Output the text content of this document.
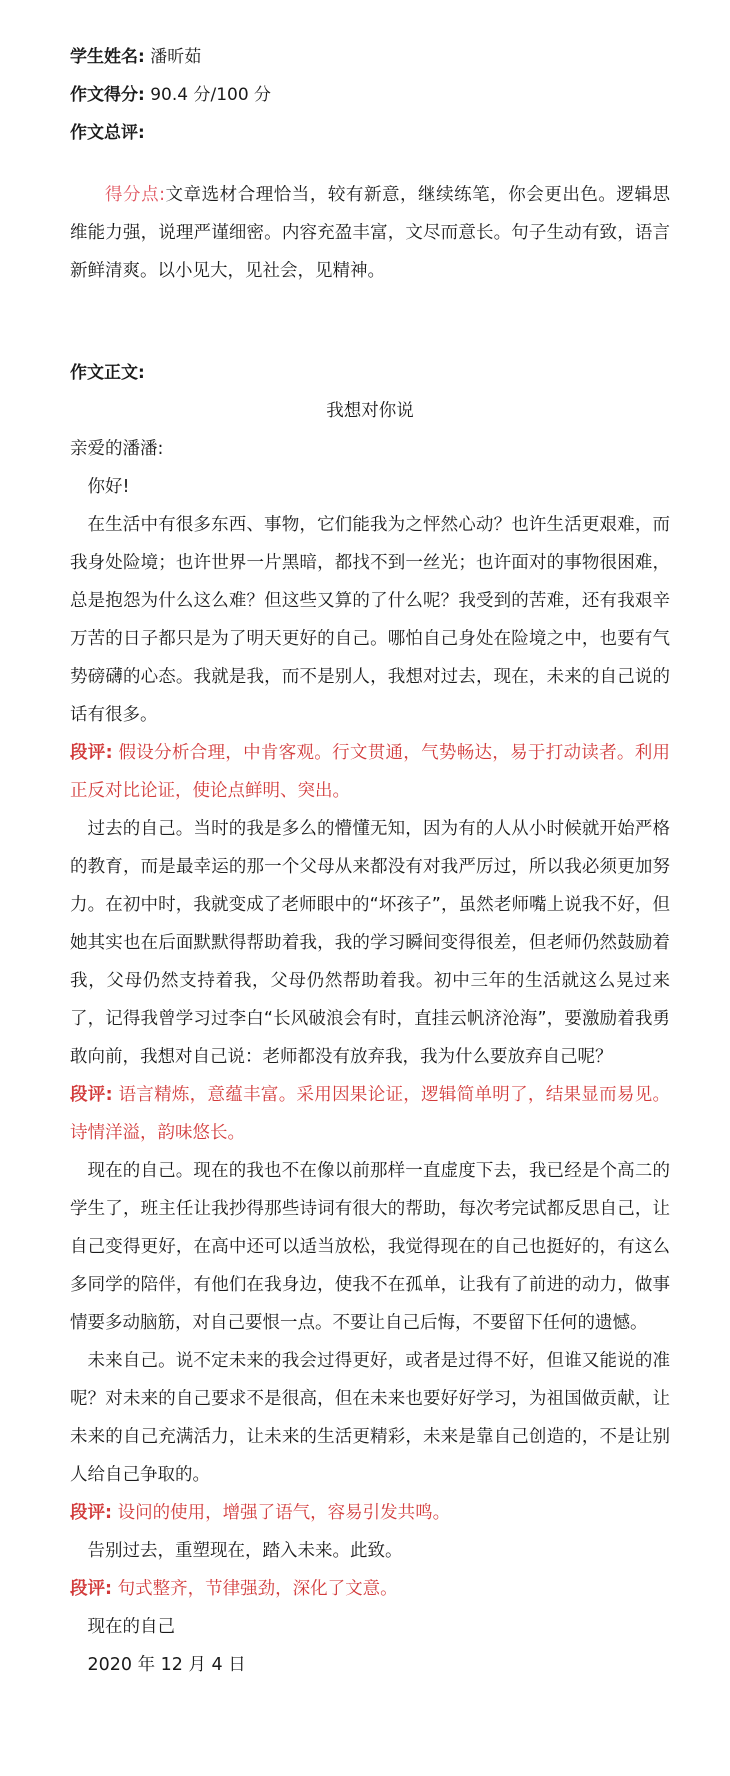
学生姓名: 潘昕茹
作文得分: 90.4 分/100 分
作文总评:

得分点:文章选材合理恰当，较有新意，继续练笔，你会更出色。逻辑思维能力强，说理严谨细密。内容充盈丰富，文尽而意长。句子生动有致，语言新鲜清爽。以小见大，见社会，见精神。

作文正文:
我想对你说

亲爱的潘潘:

你好!

在生活中有很多东西、事物，它们能我为之怦然心动？也许生活更艰难，而我身处险境；也许世界一片黑暗，都找不到一丝光；也许面对的事物很困难，总是抱怨为什么这么难？但这些又算的了什么呢？我受到的苦难，还有我艰辛万苦的日子都只是为了明天更好的自己。哪怕自己身处在险境之中，也要有气势磅礴的心态。我就是我，而不是别人，我想对过去，现在，未来的自己说的话有很多。

段评: 假设分析合理，中肯客观。行文贯通，气势畅达，易于打动读者。利用正反对比论证，使论点鲜明、突出。

过去的自己。当时的我是多么的懵懂无知，因为有的人从小时候就开始严格的教育，而是最幸运的那一个父母从来都没有对我严厉过，所以我必须更加努力。在初中时，我就变成了老师眼中的“坏孩子”，虽然老师嘴上说我不好，但她其实也在后面默默得帮助着我，我的学习瞬间变得很差，但老师仍然鼓励着我，父母仍然支持着我，父母仍然帮助着我。初中三年的生活就这么晃过来了，记得我曾学习过李白“长风破浪会有时，直挂云帆济沧海”，要激励着我勇敢向前，我想对自己说：老师都没有放弃我，我为什么要放弃自己呢？

段评: 语言精炼，意蕴丰富。采用因果论证，逻辑简单明了，结果显而易见。诗情洋溢，韵味悠长。

现在的自己。现在的我也不在像以前那样一直虚度下去，我已经是个高二的学生了，班主任让我抄得那些诗词有很大的帮助，每次考完试都反思自己，让自己变得更好，在高中还可以适当放松，我觉得现在的自己也挺好的，有这么多同学的陪伴，有他们在我身边，使我不在孤单，让我有了前进的动力，做事情要多动脑筋，对自己要恨一点。不要让自己后悔，不要留下任何的遗憾。

未来自己。说不定未来的我会过得更好，或者是过得不好，但谁又能说的准呢？对未来的自己要求不是很高，但在未来也要好好学习，为祖国做贡献，让未来的自己充满活力，让未来的生活更精彩，未来是靠自己创造的，不是让别人给自己争取的。

段评: 设问的使用，增强了语气，容易引发共鸣。

告别过去，重塑现在，踏入未来。此致。

段评: 句式整齐，节律强劲，深化了文意。

现在的自己
2020 年 12 月 4 日
